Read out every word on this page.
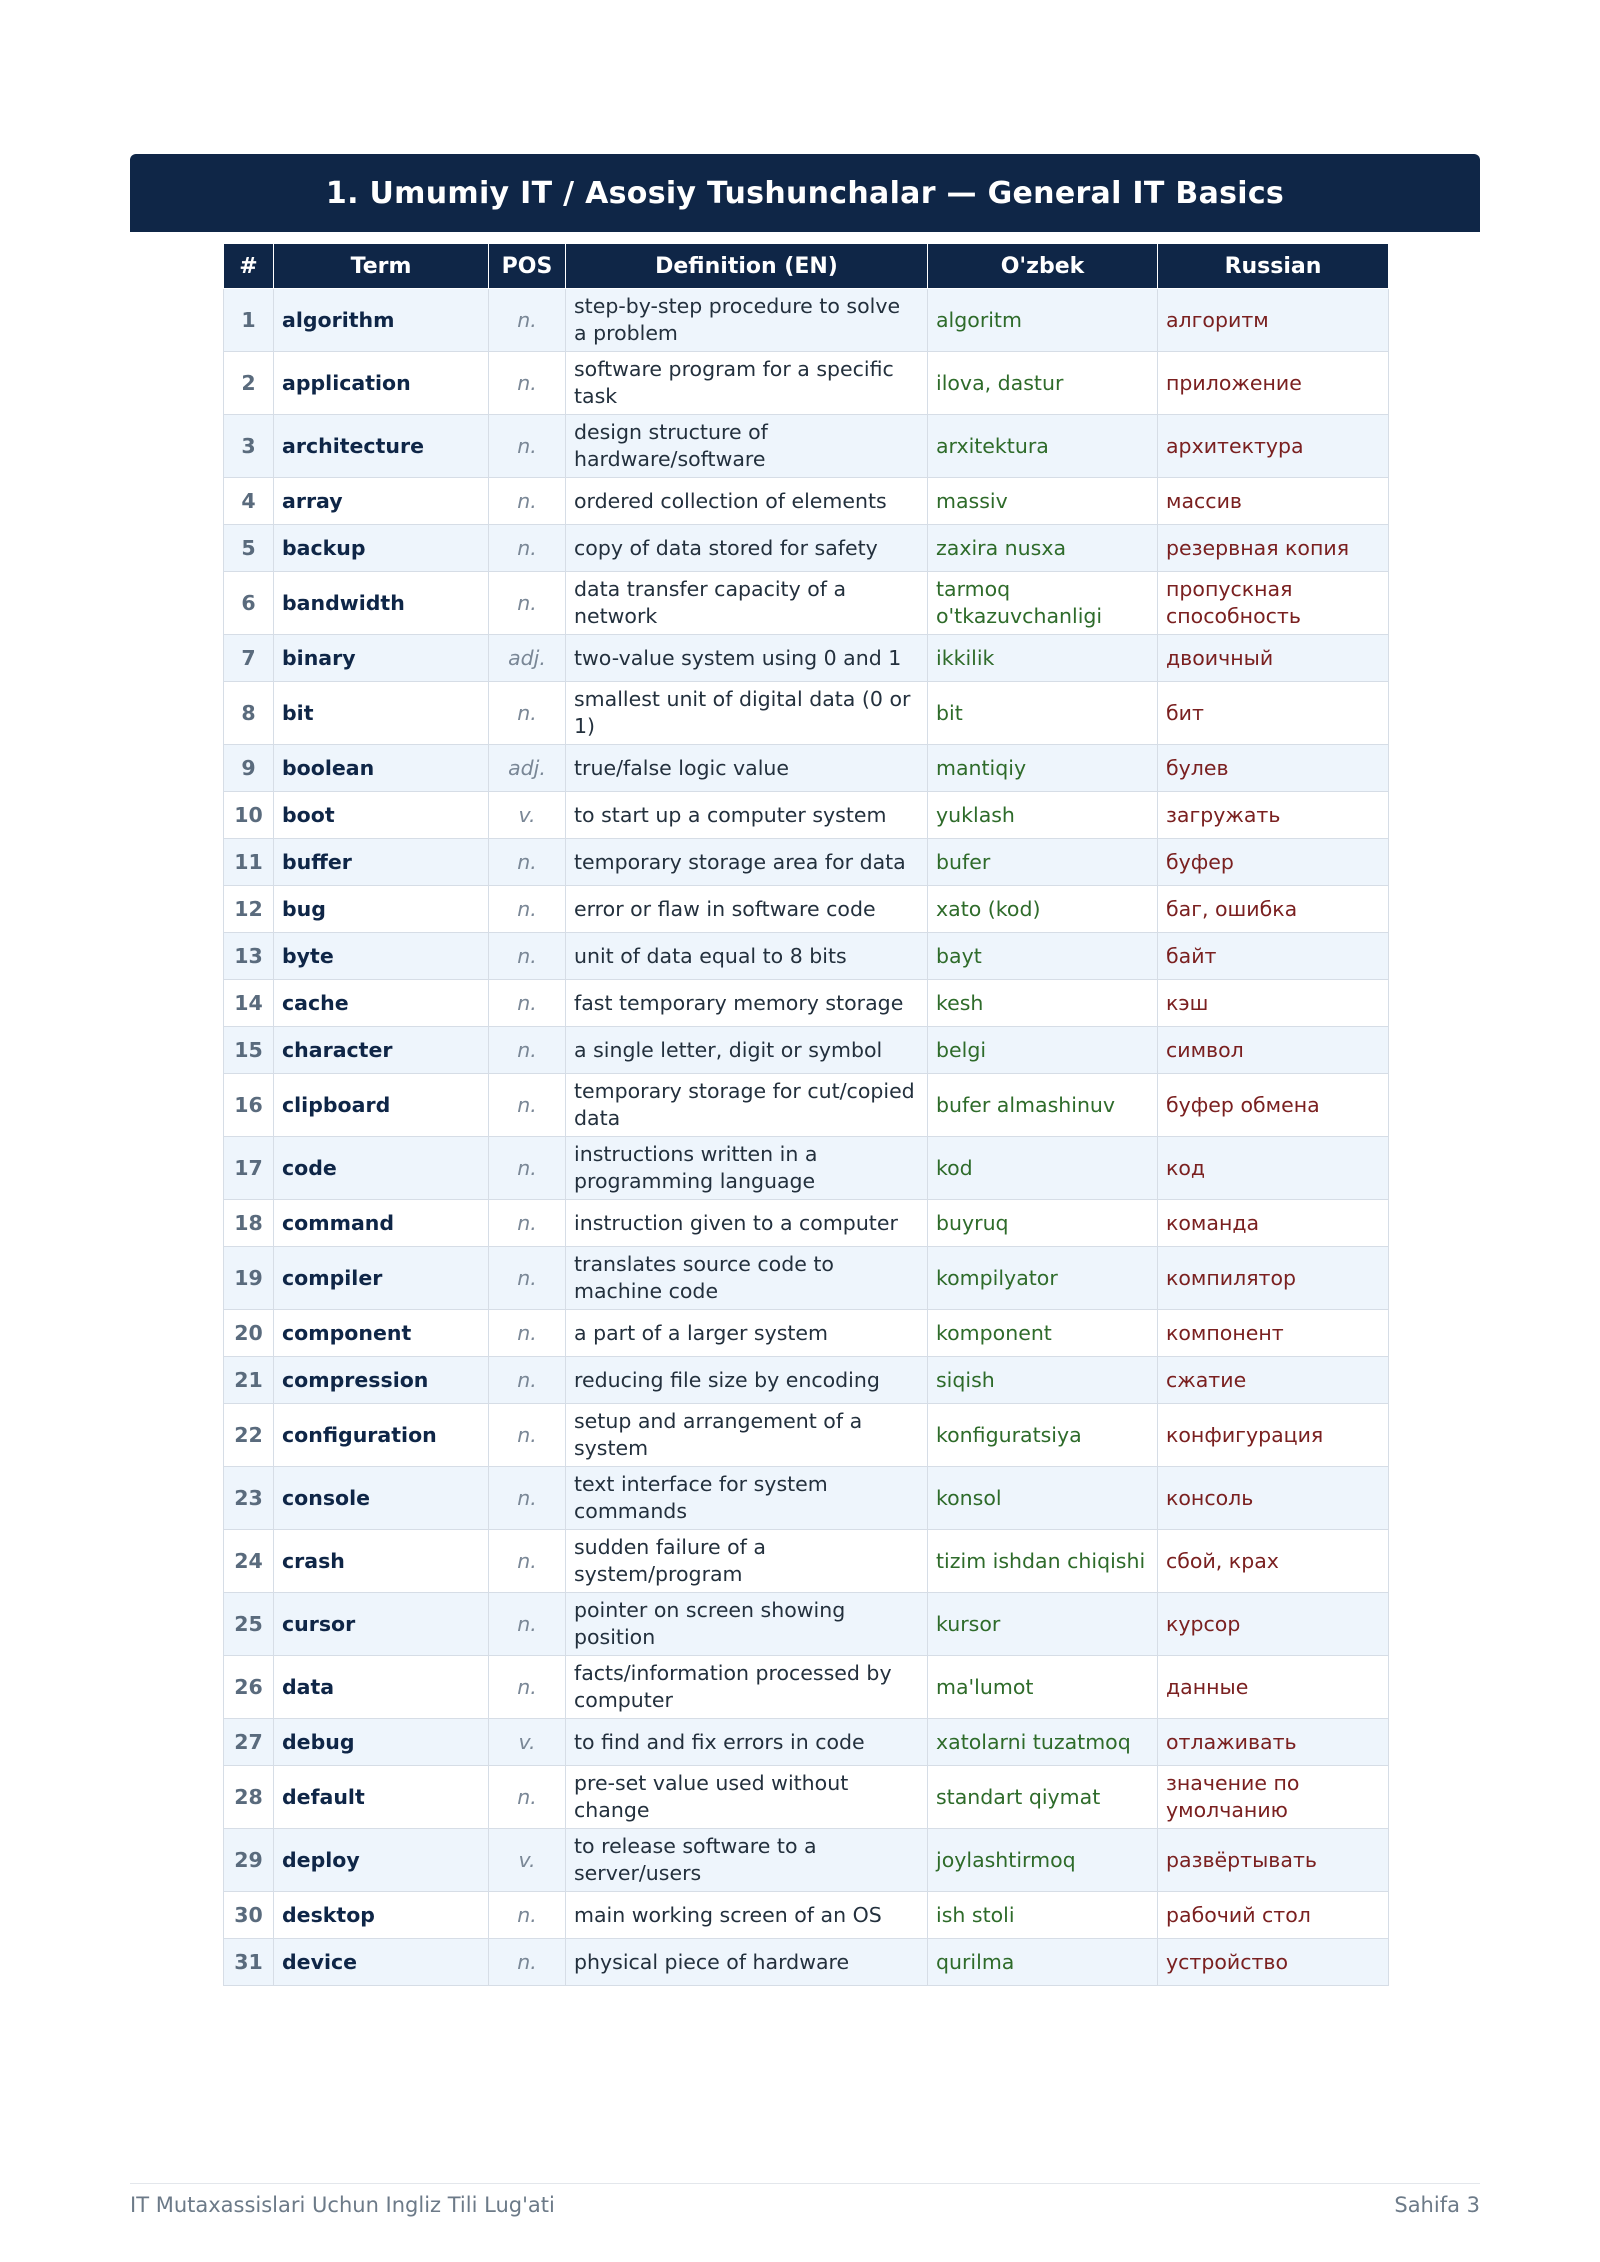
1. Umumiy IT / Asosiy Tushunchalar — General IT Basics
#	Term	POS	Definition (EN)	O'zbek	Russian
1	algorithm	n.	step-by-step procedure to solve a problem	algoritm	алгоритм
2	application	n.	software program for a specific task	ilova, dastur	приложение
3	architecture	n.	design structure of hardware/software	arxitektura	архитектура
4	array	n.	ordered collection of elements	massiv	массив
5	backup	n.	copy of data stored for safety	zaxira nusxa	резервная копия
6	bandwidth	n.	data transfer capacity of a network	tarmoq o'tkazuvchanligi	пропускная способность
7	binary	adj.	two-value system using 0 and 1	ikkilik	двоичный
8	bit	n.	smallest unit of digital data (0 or 1)	bit	бит
9	boolean	adj.	true/false logic value	mantiqiy	булев
10	boot	v.	to start up a computer system	yuklash	загружать
11	buffer	n.	temporary storage area for data	bufer	буфер
12	bug	n.	error or flaw in software code	xato (kod)	баг, ошибка
13	byte	n.	unit of data equal to 8 bits	bayt	байт
14	cache	n.	fast temporary memory storage	kesh	кэш
15	character	n.	a single letter, digit or symbol	belgi	символ
16	clipboard	n.	temporary storage for cut/copied data	bufer almashinuv	буфер обмена
17	code	n.	instructions written in a programming language	kod	код
18	command	n.	instruction given to a computer	buyruq	команда
19	compiler	n.	translates source code to machine code	kompilyator	компилятор
20	component	n.	a part of a larger system	komponent	компонент
21	compression	n.	reducing file size by encoding	siqish	сжатие
22	configuration	n.	setup and arrangement of a system	konfiguratsiya	конфигурация
23	console	n.	text interface for system commands	konsol	консоль
24	crash	n.	sudden failure of a system/program	tizim ishdan chiqishi	сбой, крах
25	cursor	n.	pointer on screen showing position	kursor	курсор
26	data	n.	facts/information processed by computer	ma'lumot	данные
27	debug	v.	to find and fix errors in code	xatolarni tuzatmoq	отлаживать
28	default	n.	pre-set value used without change	standart qiymat	значение по умолчанию
29	deploy	v.	to release software to a server/users	joylashtirmoq	развёртывать
30	desktop	n.	main working screen of an OS	ish stoli	рабочий стол
31	device	n.	physical piece of hardware	qurilma	устройство
IT Mutaxassislari Uchun Ingliz Tili Lug'ati	Sahifa 3
